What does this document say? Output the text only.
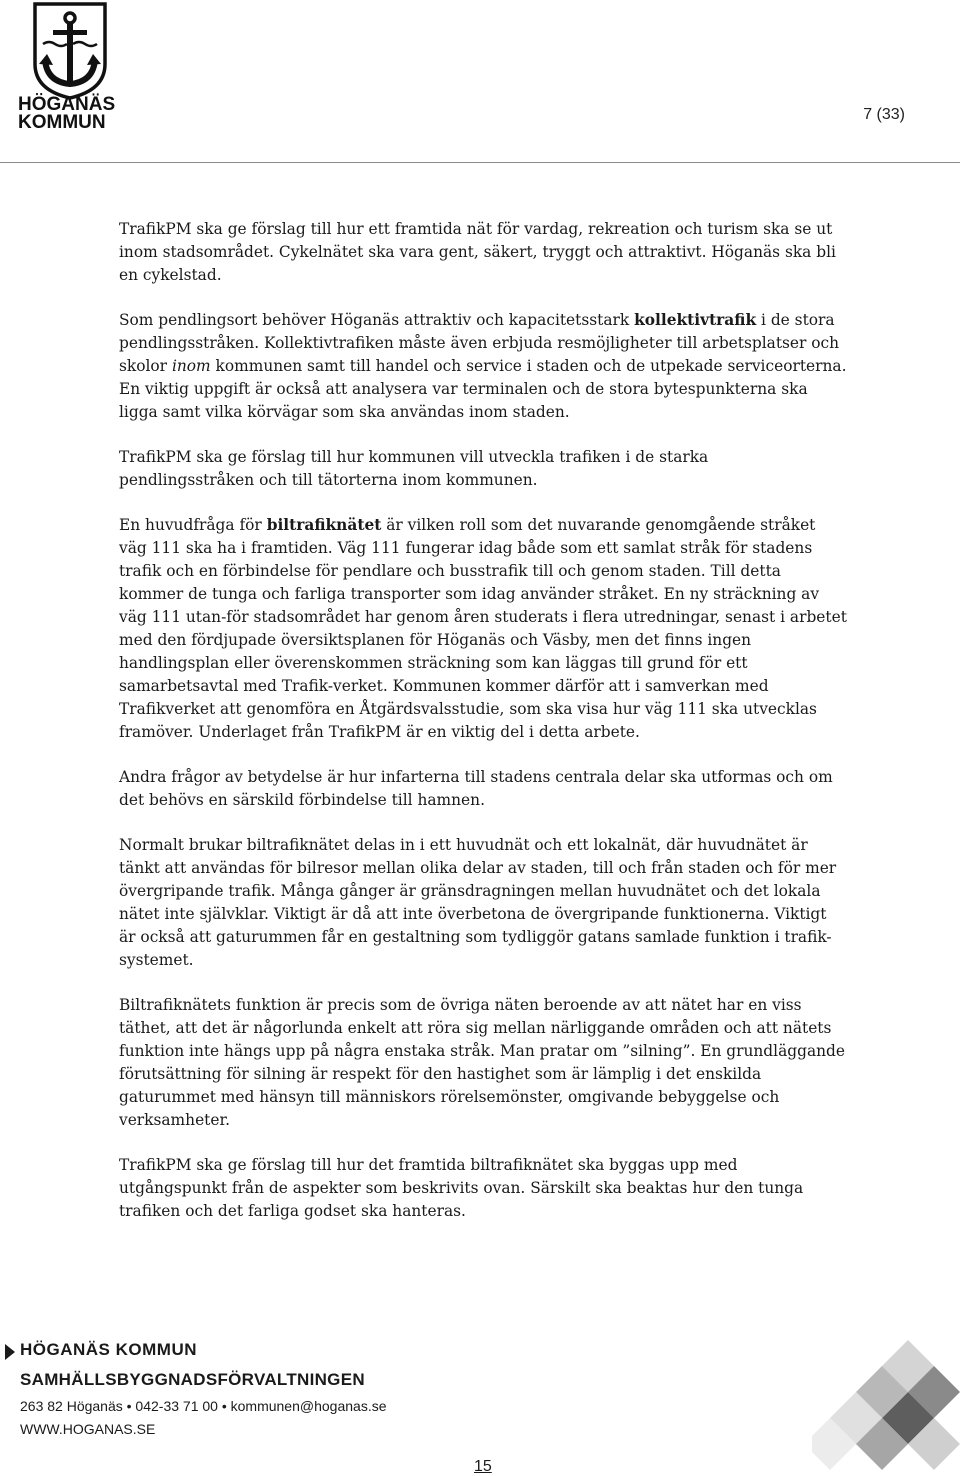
HÖGANÄS
KOMMUN	7 (33)

TrafikPM ska ge förslag till hur ett framtida nät för vardag, rekreation och turism ska se ut inom stadsområdet. Cykelnätet ska vara gent, säkert, tryggt och attraktivt. Höganäs ska bli en cykelstad.

Som pendlingsort behöver Höganäs attraktiv och kapacitetsstark kollektivtrafik i de stora pendlingsstråken. Kollektivtrafiken måste även erbjuda resmöjligheter till arbetsplatser och skolor inom kommunen samt till handel och service i staden och de utpekade serviceorterna. En viktig uppgift är också att analysera var terminalen och de stora bytespunkterna ska ligga samt vilka körvägar som ska användas inom staden.

TrafikPM ska ge förslag till hur kommunen vill utveckla trafiken i de starka pendlingsstråken och till tätorterna inom kommunen.

En huvudfråga för biltrafiknätet är vilken roll som det nuvarande genomgående stråket väg 111 ska ha i framtiden. Väg 111 fungerar idag både som ett samlat stråk för stadens trafik och en förbindelse för pendlare och busstrafik till och genom staden. Till detta kommer de tunga och farliga transporter som idag använder stråket. En ny sträckning av väg 111 utan-för stadsområdet har genom åren studerats i flera utredningar, senast i arbetet med den fördjupade översiktsplanen för Höganäs och Väsby, men det finns ingen handlingsplan eller överenskommen sträckning som kan läggas till grund för ett samarbetsavtal med Trafik-verket. Kommunen kommer därför att i samverkan med Trafikverket att genomföra en Åtgärdsvalsstudie, som ska visa hur väg 111 ska utvecklas framöver. Underlaget från TrafikPM är en viktig del i detta arbete.

Andra frågor av betydelse är hur infarterna till stadens centrala delar ska utformas och om det behövs en särskild förbindelse till hamnen.

Normalt brukar biltrafiknätet delas in i ett huvudnät och ett lokalnät, där huvudnätet är tänkt att användas för bilresor mellan olika delar av staden, till och från staden och för mer övergripande trafik. Många gånger är gränsdragningen mellan huvudnätet och det lokala nätet inte självklar. Viktigt är då att inte överbetona de övergripande funktionerna. Viktigt är också att gaturummen får en gestaltning som tydliggör gatans samlade funktion i trafik-systemet.

Biltrafiknätets funktion är precis som de övriga näten beroende av att nätet har en viss täthet, att det är någorlunda enkelt att röra sig mellan närliggande områden och att nätets funktion inte hängs upp på några enstaka stråk. Man pratar om ”silning”. En grundläggande förutsättning för silning är respekt för den hastighet som är lämplig i det enskilda gaturummet med hänsyn till människors rörelsemönster, omgivande bebyggelse och verksamheter.

TrafikPM ska ge förslag till hur det framtida biltrafiknätet ska byggas upp med utgångspunkt från de aspekter som beskrivits ovan. Särskilt ska beaktas hur den tunga trafiken och det farliga godset ska hanteras.

HÖGANÄS KOMMUN
SAMHÄLLSBYGGNADSFÖRVALTNINGEN
263 82 Höganäs • 042-33 71 00 • kommunen@hoganas.se
WWW.HOGANAS.SE
15
